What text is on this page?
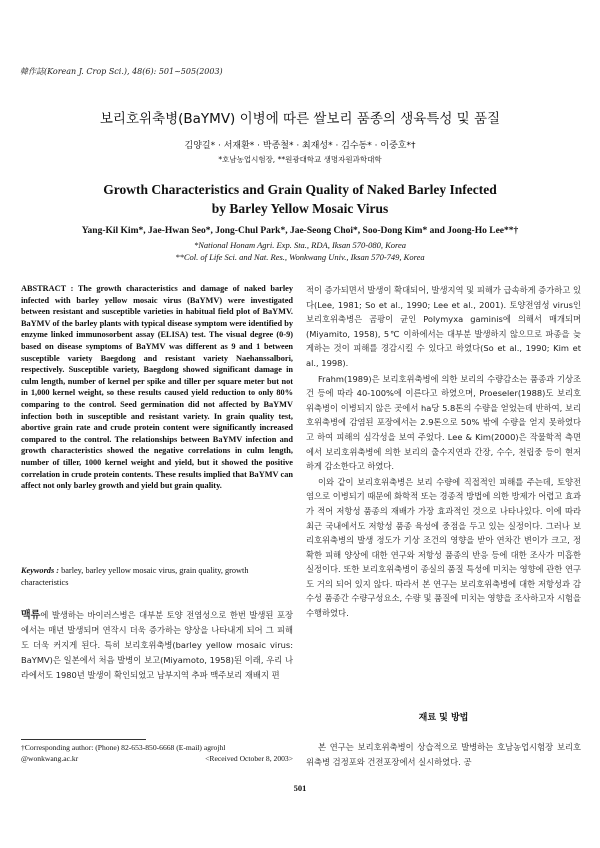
韓作誌(Korean J. Crop Sci.), 48(6): 501~505(2003)
보리호위축병(BaYMV) 이병에 따른 쌀보리 품종의 생육특성 및 품질
김양길* · 서재환* · 박종철* · 최재성* · 김수동* · 이중호*†
*호남농업시험장, **원광대학교 생명자원과학대학
Growth Characteristics and Grain Quality of Naked Barley Infected
by Barley Yellow Mosaic Virus
Yang-Kil Kim*, Jae-Hwan Seo*, Jong-Chul Park*, Jae-Seong Choi*, Soo-Dong Kim* and Joong-Ho Lee**†
*National Honam Agri. Exp. Sta., RDA, Iksan 570-080, Korea
**Col. of Life Sci. and Nat. Res., Wonkwang Univ., Iksan 570-749, Korea
ABSTRACT : The growth characteristics and damage of naked barley infected with barley yellow mosaic virus (BaYMV) were investigated between resistant and susceptible varieties in habitual field plot of BaYMV. BaYMV of the barley plants with typical disease symptom were identified by enzyme linked immunosorbent assay (ELISA) test. The visual degree (0-9) based on disease symptoms of BaYMV was different as 9 and 1 between susceptible variety Baegdong and resistant variety Naehanssalbori, respectively. Susceptible variety, Baegdong showed significant damage in culm length, number of kernel per spike and tiller per square meter but not in 1,000 kernel weight, so these results caused yield reduction to only 80% comparing to the control. Seed germination did not affected by BaYMV infection both in susceptible and resistant variety. In grain quality test, abortive grain rate and crude protein content were significantly increased compared to the control. The relationships between BaYMV infection and growth characteristics showed the negative correlations in culm length, number of tiller, 1000 kernel weight and yield, but it showed the positive correlation in crude protein contents. These results implied that BaYMV can affect not only barley growth and yield but grain quality.
Keywords : barley, barley yellow mosaic virus, grain quality, growth characteristics
맥류에 발생하는 바이러스병은 대부분 토양 전염성으로 한번 발생된 포장에서는 매년 발생되며 연작시 더욱 증가하는 양상을 나타내게 되어 그 피해도 더욱 커지게 된다. 특히 보리호위축병(barley yellow mosaic virus: BaYMV)은 일본에서 처음 발병이 보고(Miyamoto, 1958)된 이래, 우리 나라에서도 1980년 발생이 확인되었고 남부지역 추파 맥주보리 재배지 편
†Corresponding author: (Phone) 82-653-850-6668 (E-mail) agrojhl
@wonkwang.ac.kr	<Received October 8, 2003>

적이 증가되면서 발생이 확대되어, 발생지역 및 피해가 급속하게 증가하고 있다(Lee, 1981; So et al., 1990; Lee et al., 2001). 토양전염성 virus인 보리호위축병은 곰팡이 균인 Polymyxa gaminis에 의해서 매개되며(Miyamito, 1958), 5℃ 이하에서는 대부분 발생하지 않으므로 파종을 늦게하는 것이 피해를 경감시킬 수 있다고 하였다(So et al., 1990; Kim et al., 1998).

Frahm(1989)은 보리호위축병에 의한 보리의 수량감소는 품종과 기상조건 등에 따라 40-100%에 이른다고 하였으며, Proeseler(1988)도 보리호위축병이 이병되지 않은 곳에서 ha당 5.8톤의 수량을 얻었는데 반하여, 보리호위축병에 감염된 포장에서는 2.9톤으로 50% 밖에 수량을 얻지 못하였다고 하여 피해의 심각성을 보여 주었다. Lee & Kim(2000)은 작물학적 측면에서 보리호위축병에 의한 보리의 출수지연과 간장, 수수, 천립중 등이 현저하게 감소한다고 하였다.

이와 같이 보리호위축병은 보리 수량에 직접적인 피해를 주는데, 토양전염으로 이병되기 때문에 화학적 또는 경종적 방법에 의한 방제가 어렵고 효과가 적어 저항성 품종의 재배가 가장 효과적인 것으로 나타나있다. 이에 따라 최근 국내에서도 저항성 품종 육성에 중점을 두고 있는 실정이다. 그러나 보리호위축병의 발생 정도가 기상 조건의 영향을 받아 연차간 변이가 크고, 정확한 피해 양상에 대한 연구와 저항성 품종의 반응 등에 대한 조사가 미흡한 실정이다. 또한 보리호위축병이 종실의 품질 특성에 미치는 영향에 관한 연구도 거의 되어 있지 않다. 따라서 본 연구는 보리호위축병에 대한 저항성과 감수성 품종간 수량구성요소, 수량 및 품질에 미치는 영향을 조사하고자 시험을 수행하였다.

재료 및 방법
본 연구는 보리호위축병이 상습적으로 발병하는 호남농업시험장 보리호위축병 검정포와 건전포장에서 실시하였다. 공
501
